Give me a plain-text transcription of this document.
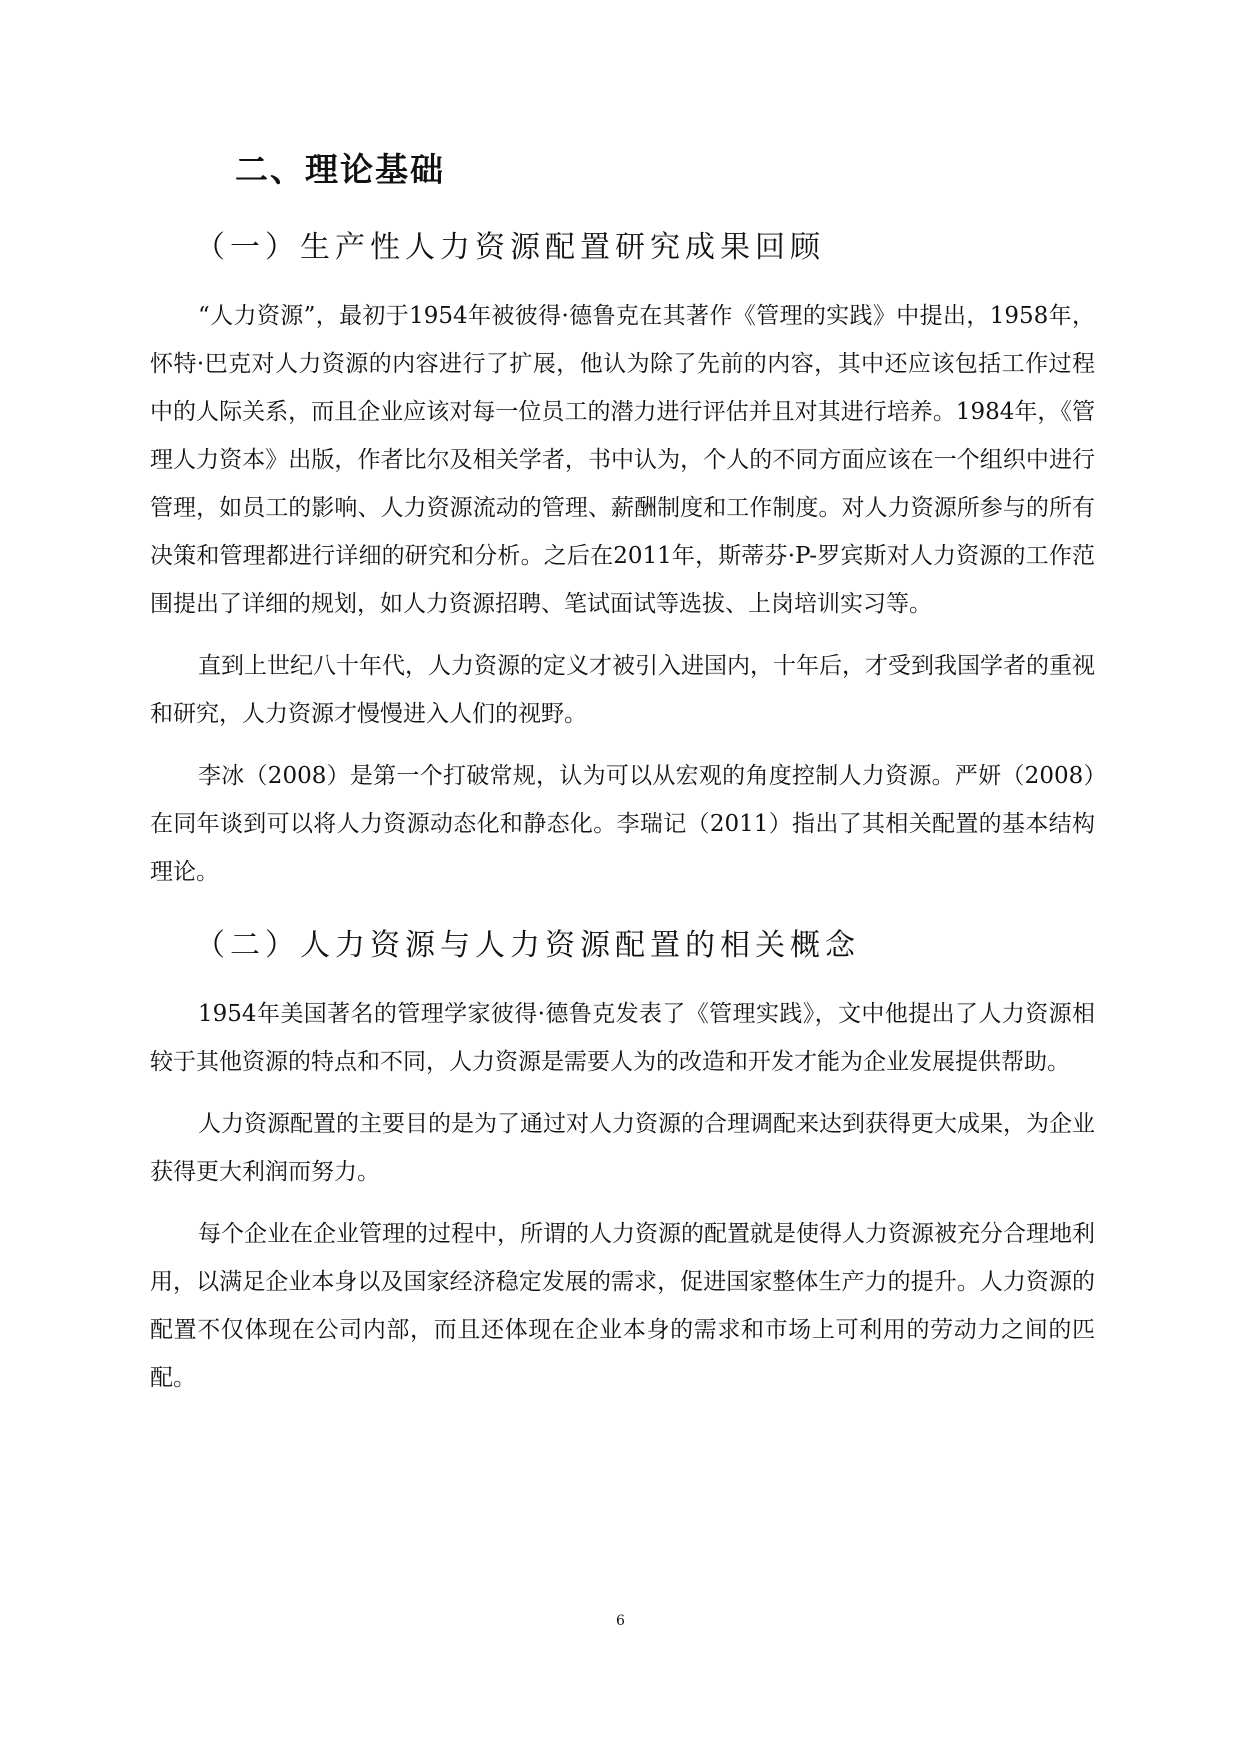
二、理论基础
（一）生产性人力资源配置研究成果回顾

“人力资源”，最初于1954年被彼得·德鲁克在其著作《管理的实践》中提出，1958年，怀特·巴克对人力资源的内容进行了扩展，他认为除了先前的内容，其中还应该包括工作过程中的人际关系，而且企业应该对每一位员工的潜力进行评估并且对其进行培养。1984年，《管理人力资本》出版，作者比尔及相关学者，书中认为，个人的不同方面应该在一个组织中进行管理，如员工的影响、人力资源流动的管理、薪酬制度和工作制度。对人力资源所参与的所有决策和管理都进行详细的研究和分析。之后在2011年，斯蒂芬·P-罗宾斯对人力资源的工作范围提出了详细的规划，如人力资源招聘、笔试面试等选拔、上岗培训实习等。

直到上世纪八十年代，人力资源的定义才被引入进国内，十年后，才受到我国学者的重视和研究，人力资源才慢慢进入人们的视野。

李冰（2008）是第一个打破常规，认为可以从宏观的角度控制人力资源。严妍（2008）在同年谈到可以将人力资源动态化和静态化。李瑞记（2011）指出了其相关配置的基本结构理论。

（二）人力资源与人力资源配置的相关概念

1954年美国著名的管理学家彼得·德鲁克发表了《管理实践》，文中他提出了人力资源相较于其他资源的特点和不同，人力资源是需要人为的改造和开发才能为企业发展提供帮助。

人力资源配置的主要目的是为了通过对人力资源的合理调配来达到获得更大成果，为企业获得更大利润而努力。

每个企业在企业管理的过程中，所谓的人力资源的配置就是使得人力资源被充分合理地利用，以满足企业本身以及国家经济稳定发展的需求，促进国家整体生产力的提升。人力资源的配置不仅体现在公司内部，而且还体现在企业本身的需求和市场上可利用的劳动力之间的匹配。

6
